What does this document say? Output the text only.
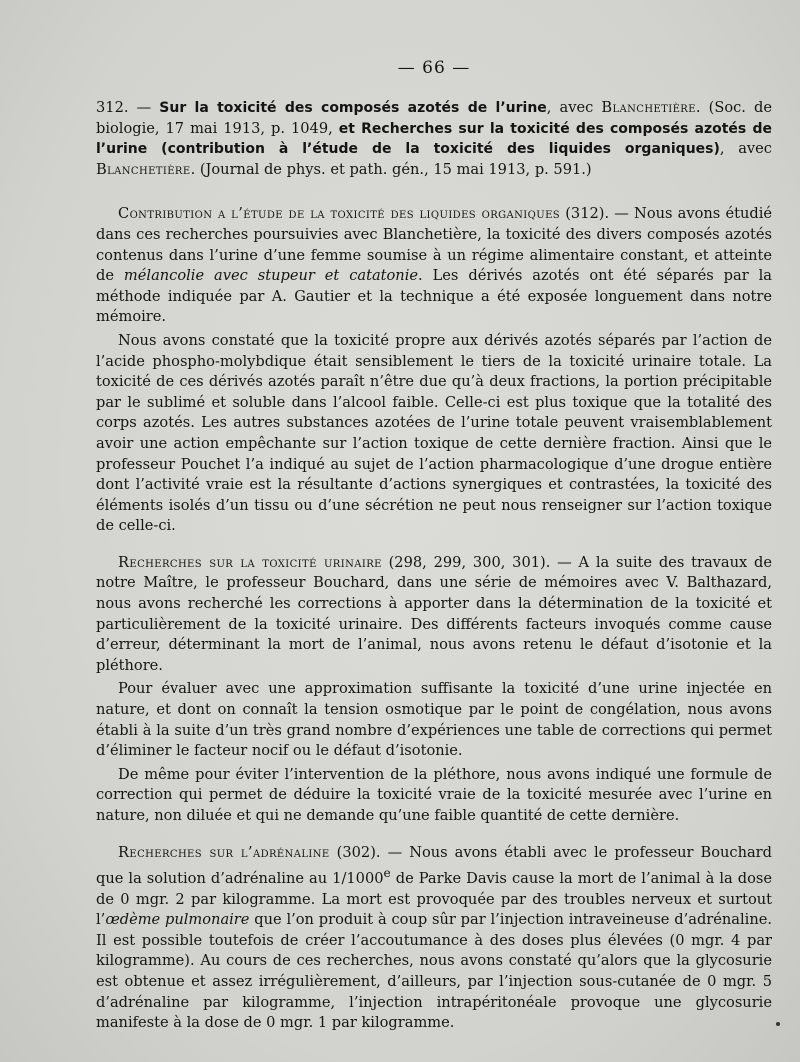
— 66 —

312. — Sur la toxicité des composés azotés de l’urine, avec Blanchetière. (Soc. de biologie, 17 mai 1913, p. 1049, et Recherches sur la toxicité des composés azotés de l’urine (contribution à l’étude de la toxicité des liquides organiques), avec Blanchetière. (Journal de phys. et path. gén., 15 mai 1913, p. 591.)

Contribution a l’étude de la toxicité des liquides organiques (312). — Nous avons étudié dans ces recherches poursuivies avec Blanchetière, la toxicité des divers composés azotés contenus dans l’urine d’une femme soumise à un régime alimentaire constant, et atteinte de mélancolie avec stupeur et catatonie. Les dérivés azotés ont été séparés par la méthode indiquée par A. Gautier et la technique a été exposée longuement dans notre mémoire.

Nous avons constaté que la toxicité propre aux dérivés azotés séparés par l’action de l’acide phospho-molybdique était sensiblement le tiers de la toxicité urinaire totale. La toxicité de ces dérivés azotés paraît n’être due qu’à deux fractions, la portion précipitable par le sublimé et soluble dans l’alcool faible. Celle-ci est plus toxique que la totalité des corps azotés. Les autres substances azotées de l’urine totale peuvent vraisemblablement avoir une action empêchante sur l’action toxique de cette dernière fraction. Ainsi que le professeur Pouchet l’a indiqué au sujet de l’action pharmacologique d’une drogue entière dont l’activité vraie est la résultante d’actions synergiques et contrastées, la toxicité des éléments isolés d’un tissu ou d’une sécrétion ne peut nous renseigner sur l’action toxique de celle-ci.

Recherches sur la toxicité urinaire (298, 299, 300, 301). — A la suite des travaux de notre Maître, le professeur Bouchard, dans une série de mémoires avec V. Balthazard, nous avons recherché les corrections à apporter dans la détermination de la toxicité et particulièrement de la toxicité urinaire. Des différents facteurs invoqués comme cause d’erreur, déterminant la mort de l’animal, nous avons retenu le défaut d’isotonie et la pléthore.

Pour évaluer avec une approximation suffisante la toxicité d’une urine injectée en nature, et dont on connaît la tension osmotique par le point de congélation, nous avons établi à la suite d’un très grand nombre d’expériences une table de corrections qui permet d’éliminer le facteur nocif ou le défaut d’isotonie.

De même pour éviter l’intervention de la pléthore, nous avons indiqué une formule de correction qui permet de déduire la toxicité vraie de la toxicité mesurée avec l’urine en nature, non diluée et qui ne demande qu’une faible quantité de cette dernière.

Recherches sur l’adrénaline (302). — Nous avons établi avec le professeur Bouchard que la solution d’adrénaline au 1/1000e de Parke Davis cause la mort de l’animal à la dose de 0 mgr. 2 par kilogramme. La mort est provoquée par des troubles nerveux et surtout l’œdème pulmonaire que l’on produit à coup sûr par l’injection intraveineuse d’adrénaline. Il est possible toutefois de créer l’accoutumance à des doses plus élevées (0 mgr. 4 par kilogramme). Au cours de ces recherches, nous avons constaté qu’alors que la glycosurie est obtenue et assez irrégulièrement, d’ailleurs, par l’injection sous-cutanée de 0 mgr. 5 d’adrénaline par kilogramme, l’injection intrapéritonéale provoque une glycosurie manifeste à la dose de 0 mgr. 1 par kilogramme.
